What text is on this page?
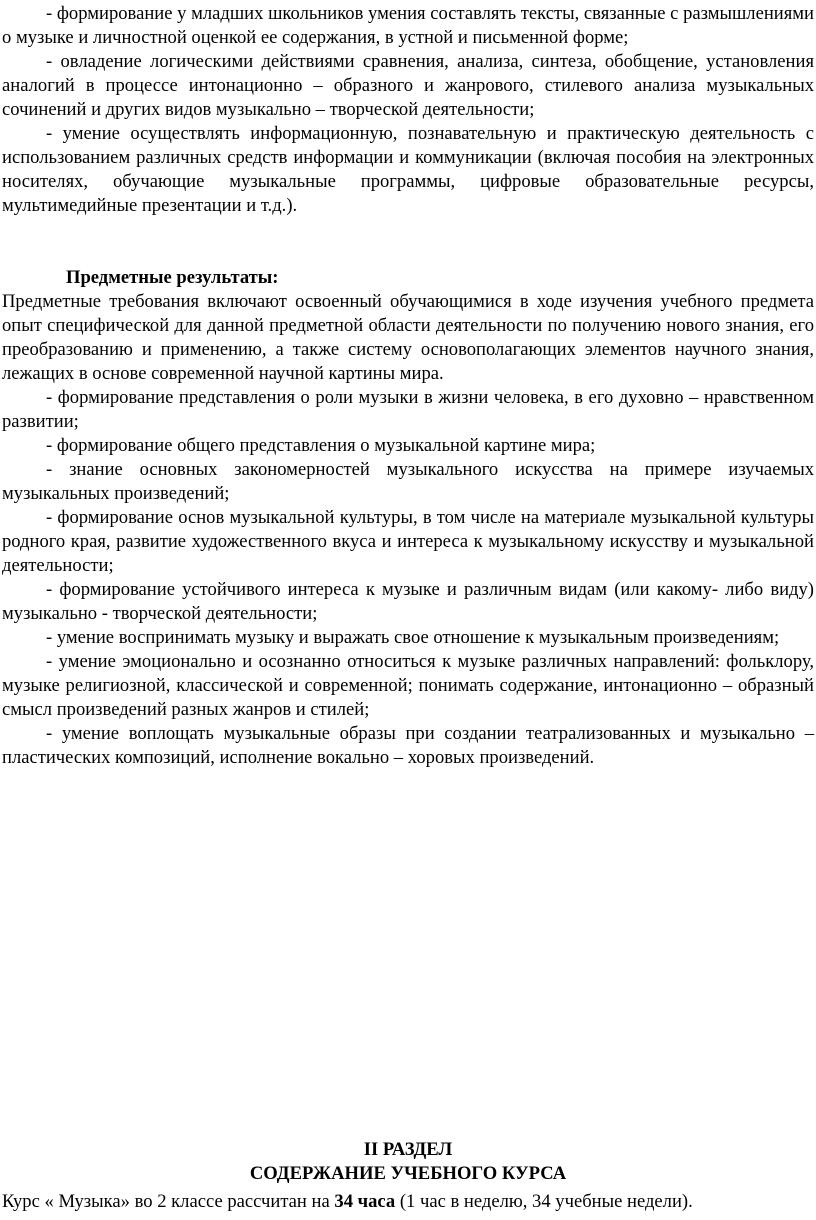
- формирование у младших школьников умения составлять тексты, связанные с размышлениями о музыке и личностной оценкой ее содержания, в устной и письменной форме;

- овладение логическими действиями сравнения, анализа, синтеза, обобщение, установления аналогий в процессе интонационно – образного и жанрового, стилевого анализа музыкальных сочинений и других видов музыкально – творческой деятельности;

- умение осуществлять информационную, познавательную и практическую деятельность с использованием различных средств информации и коммуникации (включая пособия на электронных носителях, обучающие музыкальные программы, цифровые образовательные ресурсы, мультимедийные презентации и т.д.).

Предметные результаты:

Предметные требования включают освоенный обучающимися в ходе изучения учебного предмета опыт специфической для данной предметной области деятельности по получению нового знания, его преобразованию и применению, а также систему основополагающих элементов научного знания, лежащих в основе современной научной картины мира.

- формирование представления о роли музыки в жизни человека, в его духовно – нравственном развитии;

- формирование общего представления о музыкальной картине мира;

- знание основных закономерностей музыкального искусства на примере изучаемых музыкальных произведений;

- формирование основ музыкальной культуры, в том числе на материале музыкальной культуры родного края, развитие художественного вкуса и интереса к музыкальному искусству и музыкальной деятельности;

- формирование устойчивого интереса к музыке и различным видам (или какому- либо виду) музыкально - творческой деятельности;

- умение воспринимать музыку и выражать свое отношение к музыкальным произведениям;

- умение эмоционально и осознанно относиться к музыке различных направлений: фольклору, музыке религиозной, классической и современной; понимать содержание, интонационно – образный смысл произведений разных жанров и стилей;

- умение воплощать музыкальные образы при создании театрализованных и музыкально – пластических композиций, исполнение вокально – хоровых произведений.

II РАЗДЕЛ
СОДЕРЖАНИЕ УЧЕБНОГО КУРСА
Курс « Музыка» во 2 классе рассчитан на 34 часа (1 час в неделю, 34 учебные недели).
